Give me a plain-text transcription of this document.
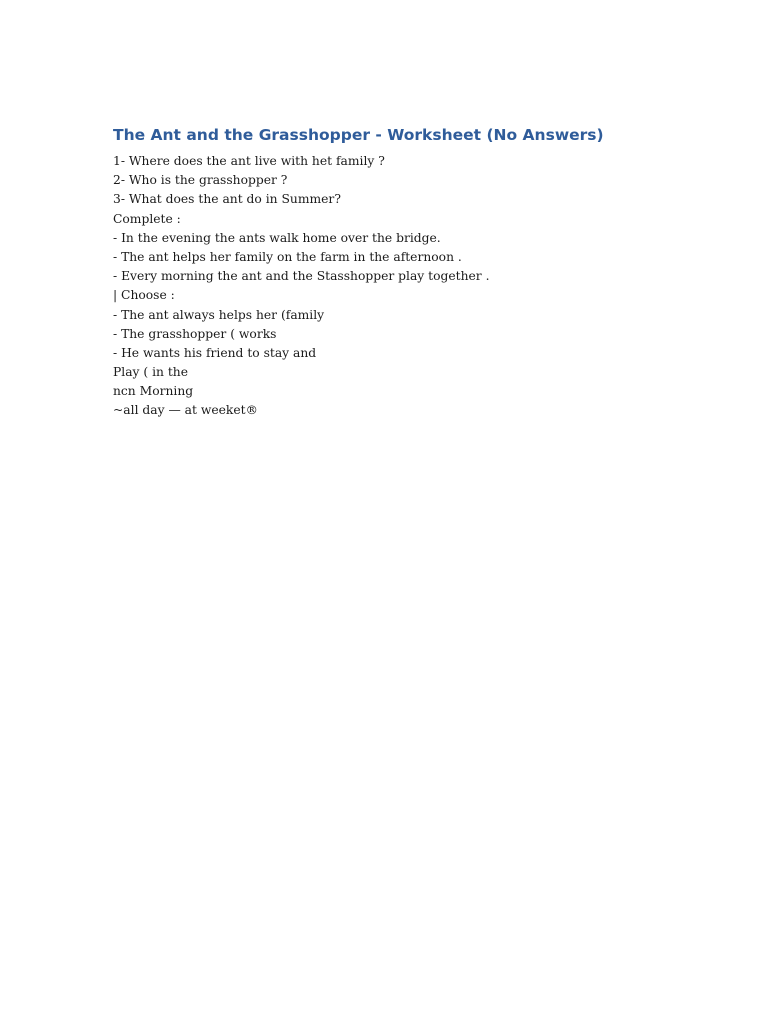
The Ant and the Grasshopper - Worksheet (No Answers)
1- Where does the ant live with het family ?
2- Who is the grasshopper ?
3- What does the ant do in Summer?
Complete :
- In the evening the ants walk home over the bridge.
- The ant helps her family on the farm in the afternoon .
- Every morning the ant and the Stasshopper play together .
| Choose :
- The ant always helps her (family
- The grasshopper ( works
- He wants his friend to stay and
Play ( in the
ncn Morning
~all day — at weeket®
